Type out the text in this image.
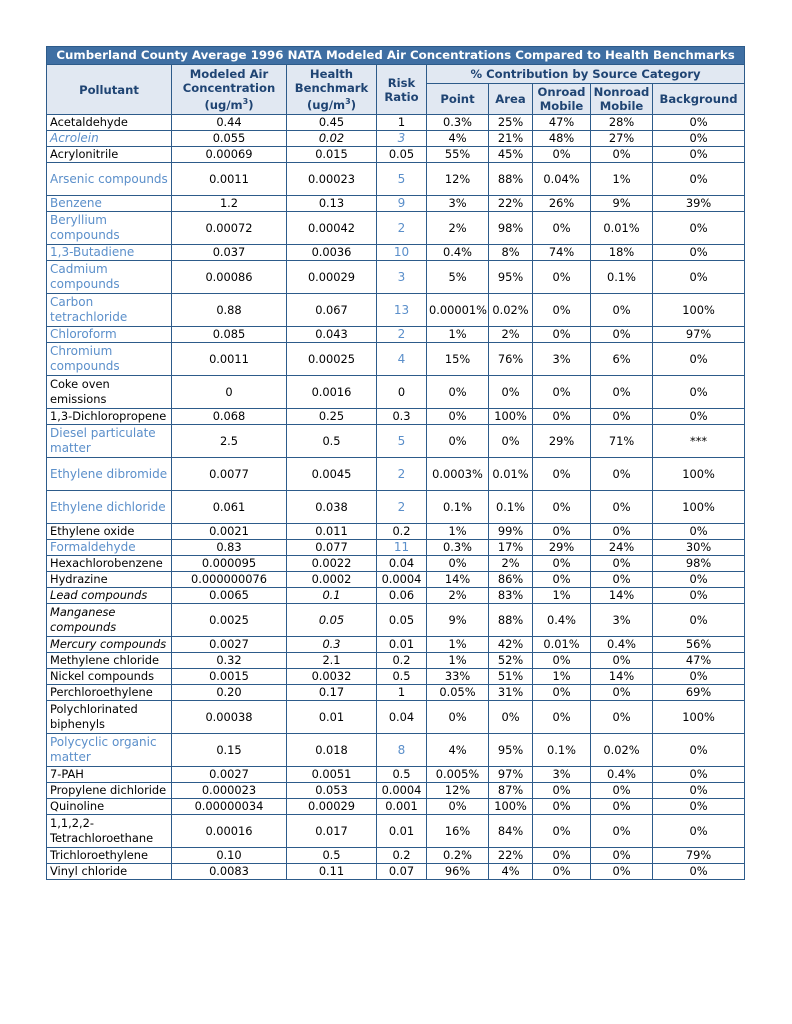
Cumberland County Average 1996 NATA Modeled Air Concentrations Compared to Health Benchmarks								
Pollutant	Modeled Air Concentration $(ug/m^3)$	Health Benchmark $(ug/m^3)$	Risk Ratio	% Contribution by Source Category				
				Point	Area	Onroad Mobile	Nonroad Mobile	Background
Acetaldehyde	0.44	0.45	1	0.3%	25%	47%	28%	0%
Acrolein	0.055	0.02	3	4%	21%	48%	27%	0%
Acrylonitrile	0.00069	0.015	0.05	55%	45%	0%	0%	0%
Arsenic compounds	0.0011	0.00023	5	12%	88%	0.04%	1%	0%
Benzene	1.2	0.13	9	3%	22%	26%	9%	39%
Beryllium compounds	0.00072	0.00042	2	2%	98%	0%	0.01%	0%
1,3-Butadiene	0.037	0.0036	10	0.4%	8%	74%	18%	0%
Cadmium compounds	0.00086	0.00029	3	5%	95%	0%	0.1%	0%
Carbon tetrachloride	0.88	0.067	13	0.00001%	0.02%	0%	0%	100%
Chloroform	0.085	0.043	2	1%	2%	0%	0%	97%
Chromium compounds	0.0011	0.00025	4	15%	76%	3%	6%	0%
Coke oven emissions	0	0.0016	0	0%	0%	0%	0%	0%
1,3-Dichloropropene	0.068	0.25	0.3	0%	100%	0%	0%	0%
Diesel particulate matter	2.5	0.5	5	0%	0%	29%	71%	***
Ethylene dibromide	0.0077	0.0045	2	0.0003%	0.01%	0%	0%	100%
Ethylene dichloride	0.061	0.038	2	0.1%	0.1%	0%	0%	100%
Ethylene oxide	0.0021	0.011	0.2	1%	99%	0%	0%	0%
Formaldehyde	0.83	0.077	11	0.3%	17%	29%	24%	30%
Hexachlorobenzene	0.000095	0.0022	0.04	0%	2%	0%	0%	98%
Hydrazine	0.000000076	0.0002	0.0004	14%	86%	0%	0%	0%
Lead compounds	0.0065	0.1	0.06	2%	83%	1%	14%	0%
Manganese compounds	0.0025	0.05	0.05	9%	88%	0.4%	3%	0%
Mercury compounds	0.0027	0.3	0.01	1%	42%	0.01%	0.4%	56%
Methylene chloride	0.32	2.1	0.2	1%	52%	0%	0%	47%
Nickel compounds	0.0015	0.0032	0.5	33%	51%	1%	14%	0%
Perchloroethylene	0.20	0.17	1	0.05%	31%	0%	0%	69%
Polychlorinated biphenyls	0.00038	0.01	0.04	0%	0%	0%	0%	100%
Polycyclic organic matter	0.15	0.018	8	4%	95%	0.1%	0.02%	0%
7-PAH	0.0027	0.0051	0.5	0.005%	97%	3%	0.4%	0%
Propylene dichloride	0.000023	0.053	0.0004	12%	87%	0%	0%	0%
Quinoline	0.00000034	0.00029	0.001	0%	100%	0%	0%	0%
1,1,2,2-Tetrachloroethane	0.00016	0.017	0.01	16%	84%	0%	0%	0%
Trichloroethylene	0.10	0.5	0.2	0.2%	22%	0%	0%	79%
Vinyl chloride	0.0083	0.11	0.07	96%	4%	0%	0%	0%
